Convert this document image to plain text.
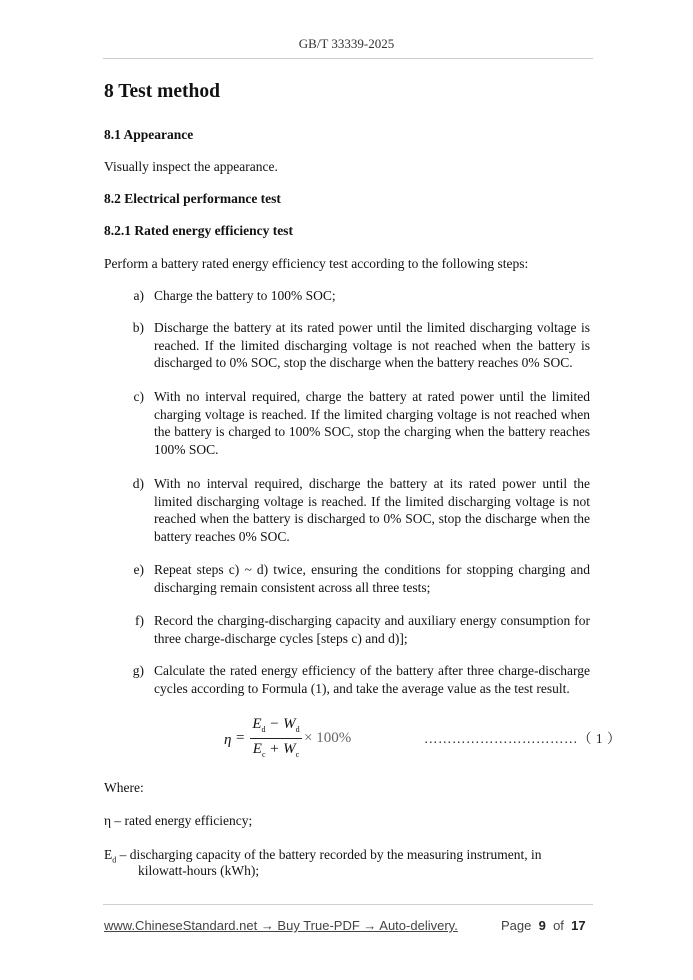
GB/T 33339-2025
8 Test method
8.1 Appearance
Visually inspect the appearance.
8.2 Electrical performance test
8.2.1 Rated energy efficiency test
Perform a battery rated energy efficiency test according to the following steps:
a) Charge the battery to 100% SOC;
b) Discharge the battery at its rated power until the limited discharging voltage is reached. If the limited discharging voltage is not reached when the battery is discharged to 0% SOC, stop the discharge when the battery reaches 0% SOC.
c) With no interval required, charge the battery at rated power until the limited charging voltage is reached. If the limited charging voltage is not reached when the battery is charged to 100% SOC, stop the charging when the battery reaches 100% SOC.
d) With no interval required, discharge the battery at its rated power until the limited discharging voltage is reached. If the limited discharging voltage is not reached when the battery is discharged to 0% SOC, stop the discharge when the battery reaches 0% SOC.
e) Repeat steps c) ~ d) twice, ensuring the conditions for stopping charging and discharging remain consistent across all three tests;
f) Record the charging-discharging capacity and auxiliary energy consumption for three charge-discharge cycles [steps c) and d)];
g) Calculate the rated energy efficiency of the battery after three charge-discharge cycles according to Formula (1), and take the average value as the test result.
η =
$E_d - W_d$
$E_c + W_c$
× 100%	……………………………（ 1 ）
Where:
η – rated energy efficiency;
$E_d$ – discharging capacity of the battery recorded by the measuring instrument, in
kilowatt-hours (kWh);
www.ChineseStandard.net → Buy True-PDF → Auto-delivery.	Page 9 of 17
